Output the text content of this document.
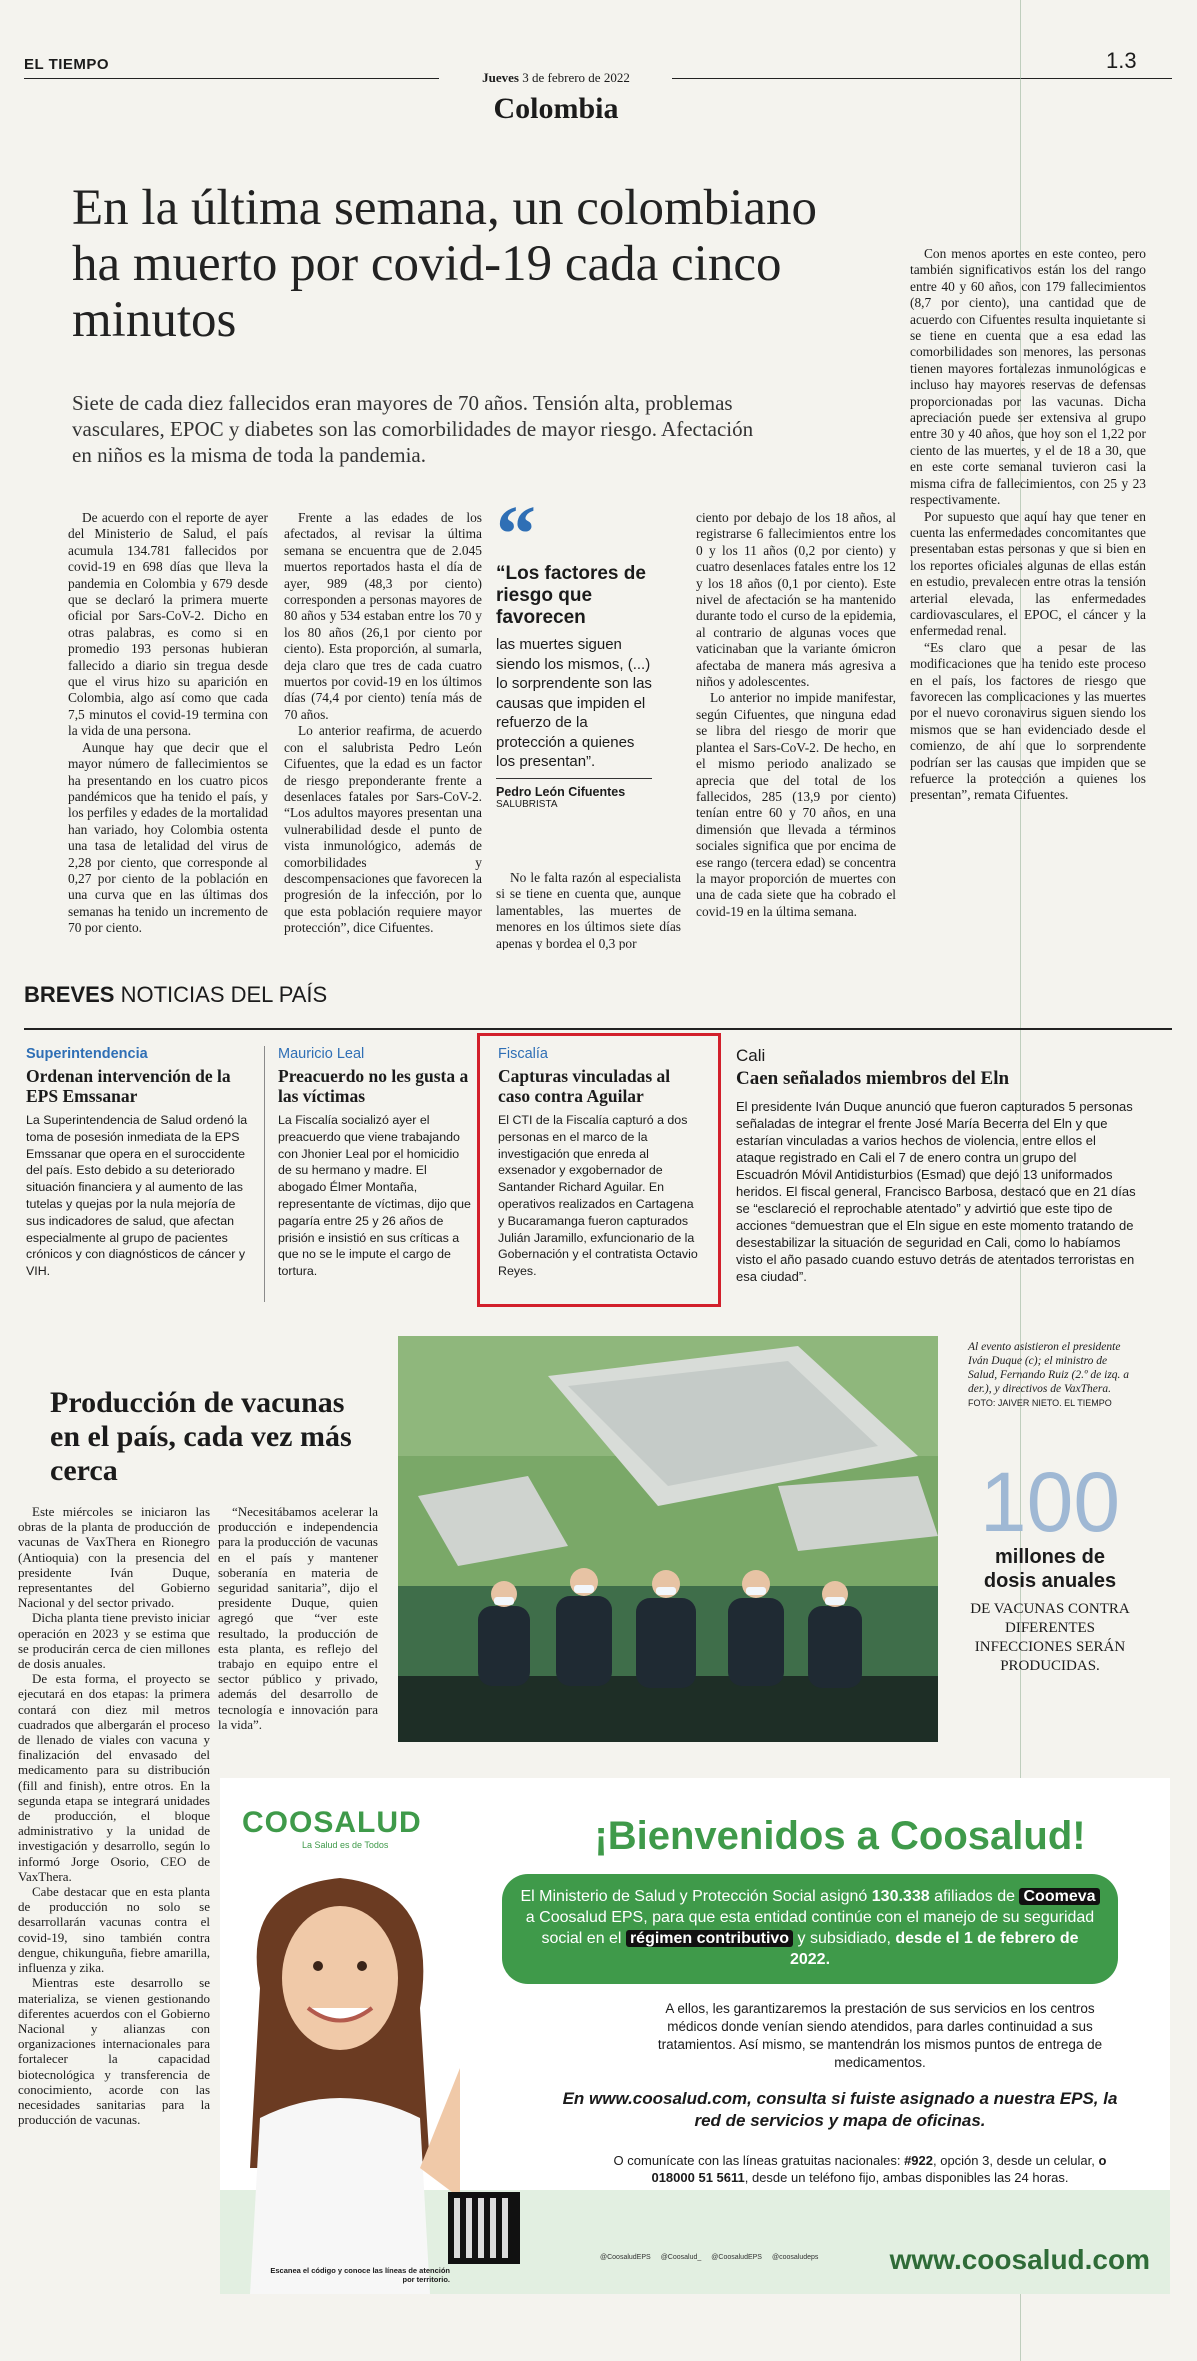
EL TIEMPO
Jueves 3 de febrero de 2022
1.3
Colombia
En la última semana, un colombiano ha muerto por covid-19 cada cinco minutos
Siete de cada diez fallecidos eran mayores de 70 años. Tensión alta, problemas vasculares, EPOC y diabetes son las comorbilidades de mayor riesgo. Afectación en niños es la misma de toda la pandemia.

De acuerdo con el reporte de ayer del Ministerio de Salud, el país acumula 134.781 fallecidos por covid-19 en 698 días que lleva la pandemia en Colombia y 679 desde que se declaró la primera muerte oficial por Sars-CoV-2. Dicho en otras palabras, es como si en promedio 193 personas hubieran fallecido a diario sin tregua desde que el virus hizo su aparición en Colombia, algo así como que cada 7,5 minutos el covid-19 termina con la vida de una persona.

Aunque hay que decir que el mayor número de fallecimientos se ha presentando en los cuatro picos pandémicos que ha tenido el país, y los perfiles y edades de la mortalidad han variado, hoy Colombia ostenta una tasa de letalidad del virus de 2,28 por ciento, que corresponde al 0,27 por ciento de la población en una curva que en las últimas dos semanas ha tenido un incremento de 70 por ciento.

Frente a las edades de los afectados, al revisar la última semana se encuentra que de 2.045 muertos reportados hasta el día de ayer, 989 (48,3 por ciento) corresponden a personas mayores de 80 años y 534 estaban entre los 70 y los 80 años (26,1 por ciento por ciento). Esta proporción, al sumarla, deja claro que tres de cada cuatro muertos por covid-19 en los últimos días (74,4 por ciento) tenía más de 70 años.

Lo anterior reafirma, de acuerdo con el salubrista Pedro León Cifuentes, que la edad es un factor de riesgo preponderante frente a desenlaces fatales por Sars-CoV-2. “Los adultos mayores presentan una vulnerabilidad desde el punto de vista inmunológico, además de comorbilidades y descompensaciones que favorecen la progresión de la infección, por lo que esta población requiere mayor protección”, dice Cifuentes.

“
“Los factores de riesgo que favorecen
las muertes siguen siendo los mismos, (...) lo sorprendente son las causas que impiden el refuerzo de la protección a quienes los presentan”.
Pedro León Cifuentes
SALUBRISTA

No le falta razón al especialista si se tiene en cuenta que, aunque lamentables, las muertes de menores en los últimos siete días apenas y bordea el 0,3 por

ciento por debajo de los 18 años, al registrarse 6 fallecimientos entre los 0 y los 11 años (0,2 por ciento) y cuatro desenlaces fatales entre los 12 y los 18 años (0,1 por ciento). Este nivel de afectación se ha mantenido durante todo el curso de la epidemia, al contrario de algunas voces que vaticinaban que la variante ómicron afectaba de manera más agresiva a niños y adolescentes.

Lo anterior no impide manifestar, según Cifuentes, que ninguna edad se libra del riesgo de morir que plantea el Sars-CoV-2. De hecho, en el mismo periodo analizado se aprecia que del total de los fallecidos, 285 (13,9 por ciento) tenían entre 60 y 70 años, en una dimensión que llevada a términos sociales significa que por encima de ese rango (tercera edad) se concentra la mayor proporción de muertes con una de cada siete que ha cobrado el covid-19 en la última semana.

Con menos aportes en este conteo, pero también significativos están los del rango entre 40 y 60 años, con 179 fallecimientos (8,7 por ciento), una cantidad que de acuerdo con Cifuentes resulta inquietante si se tiene en cuenta que a esa edad las comorbilidades son menores, las personas tienen mayores fortalezas inmunológicas e incluso hay mayores reservas de defensas proporcionadas por las vacunas. Dicha apreciación puede ser extensiva al grupo entre 30 y 40 años, que hoy son el 1,22 por ciento de las muertes, y el de 18 a 30, que en este corte semanal tuvieron casi la misma cifra de fallecimientos, con 25 y 23 respectivamente.

Por supuesto que aquí hay que tener en cuenta las enfermedades concomitantes que presentaban estas personas y que si bien en los reportes oficiales algunas de ellas están en estudio, prevalecen entre otras la tensión arterial elevada, las enfermedades cardiovasculares, el EPOC, el cáncer y la enfermedad renal.

“Es claro que a pesar de las modificaciones que ha tenido este proceso en el país, los factores de riesgo que favorecen las complicaciones y las muertes por el nuevo coronavirus siguen siendo los mismos que se han evidenciado desde el comienzo, de ahí que lo sorprendente podrían ser las causas que impiden que se refuerce la protección a quienes los presentan”, remata Cifuentes.

BREVES NOTICIAS DEL PAÍS
Superintendencia
Ordenan intervención de la EPS Emssanar
La Superintendencia de Salud ordenó la toma de posesión inmediata de la EPS Emssanar que opera en el suroccidente del país. Esto debido a su deteriorado situación financiera y al aumento de las tutelas y quejas por la nula mejoría de sus indicadores de salud, que afectan especialmente al grupo de pacientes crónicos y con diagnósticos de cáncer y VIH.
Mauricio Leal
Preacuerdo no les gusta a las víctimas
La Fiscalía socializó ayer el preacuerdo que viene trabajando con Jhonier Leal por el homicidio de su hermano y madre. El abogado Élmer Montaña, representante de víctimas, dijo que pagaría entre 25 y 26 años de prisión e insistió en sus críticas a que no se le impute el cargo de tortura.
Fiscalía
Capturas vinculadas al caso contra Aguilar
El CTI de la Fiscalía capturó a dos personas en el marco de la investigación que enreda al exsenador y exgobernador de Santander Richard Aguilar. En operativos realizados en Cartagena y Bucaramanga fueron capturados Julián Jaramillo, exfuncionario de la Gobernación y el contratista Octavio Reyes.
Cali
Caen señalados miembros del Eln
El presidente Iván Duque anunció que fueron capturados 5 personas señaladas de integrar el frente José María Becerra del Eln y que estarían vinculadas a varios hechos de violencia, entre ellos el ataque registrado en Cali el 7 de enero contra un grupo del Escuadrón Móvil Antidisturbios (Esmad) que dejó 13 uniformados heridos. El fiscal general, Francisco Barbosa, destacó que en 21 días se “esclareció el reprochable atentado” y advirtió que este tipo de acciones “demuestran que el Eln sigue en este momento tratando de desestabilizar la situación de seguridad en Cali, como lo habíamos visto el año pasado cuando estuvo detrás de atentados terroristas en esa ciudad”.
Producción de vacunas en el país, cada vez más cerca

Este miércoles se iniciaron las obras de la planta de producción de vacunas de VaxThera en Rionegro (Antioquia) con la presencia del presidente Iván Duque, representantes del Gobierno Nacional y del sector privado.

Dicha planta tiene previsto iniciar operación en 2023 y se estima que se producirán cerca de cien millones de dosis anuales.

De esta forma, el proyecto se ejecutará en dos etapas: la primera contará con diez mil metros cuadrados que albergarán el proceso de llenado de viales con vacuna y finalización del envasado del medicamento para su distribución (fill and finish), entre otros. En la segunda etapa se integrará unidades de producción, el bloque administrativo y la unidad de investigación y desarrollo, según lo informó Jorge Osorio, CEO de VaxThera.

Cabe destacar que en esta planta de producción no solo se desarrollarán vacunas contra el covid-19, sino también contra dengue, chikunguña, fiebre amarilla, influenza y zika.

Mientras este desarrollo se materializa, se vienen gestionando diferentes acuerdos con el Gobierno Nacional y alianzas con organizaciones internacionales para fortalecer la capacidad biotecnológica y transferencia de conocimiento, acorde con las necesidades sanitarias para la producción de vacunas.

“Necesitábamos acelerar la producción e independencia para la producción de vacunas en el país y mantener soberanía en materia de seguridad sanitaria”, dijo el presidente Duque, quien agregó que “ver este resultado, la producción de esta planta, es reflejo del trabajo en equipo entre el sector público y privado, además del desarrollo de tecnología e innovación para la vida”.

Al evento asistieron el presidente Iván Duque (c); el ministro de Salud, Fernando Ruiz (2.º de izq. a der.), y directivos de VaxThera.
FOTO: JAIVER NIETO. EL TIEMPO
100
millones de dosis anuales
DE VACUNAS CONTRA DIFERENTES INFECCIONES SERÁN PRODUCIDAS.
COOSALUD
La Salud es de Todos
Escanea el código y conoce las líneas de atención por territorio.
¡Bienvenidos a Coosalud!
El Ministerio de Salud y Protección Social asignó 130.338 afiliados de Coomeva a Coosalud EPS, para que esta entidad continúe con el manejo de su seguridad social en el régimen contributivo y subsidiado, desde el 1 de febrero de 2022.
A ellos, les garantizaremos la prestación de sus servicios en los centros médicos donde venían siendo atendidos, para darles continuidad a sus tratamientos. Así mismo, se mantendrán los mismos puntos de entrega de medicamentos.
En www.coosalud.com, consulta si fuiste asignado a nuestra EPS, la red de servicios y mapa de oficinas.
O comunícate con las líneas gratuitas nacionales: #922, opción 3, desde un celular, o 018000 51 5611, desde un teléfono fijo, ambas disponibles las 24 horas.
@CoosaludEPS @Coosalud_ @CoosaludEPS @coosaludeps	www.coosalud.com
